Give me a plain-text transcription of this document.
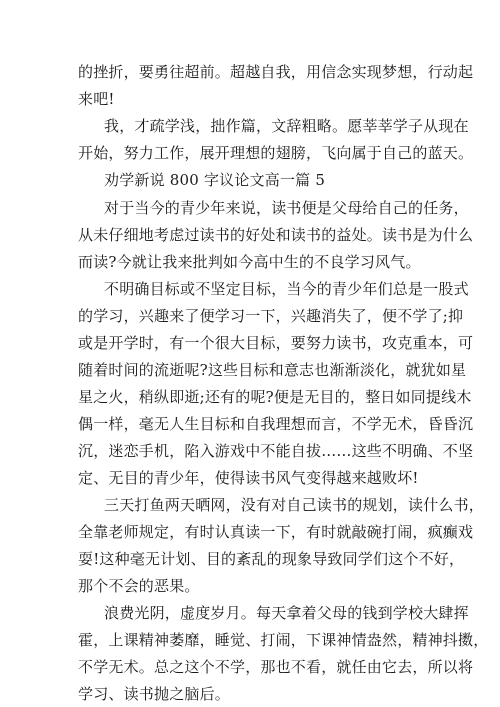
的挫折，要勇往超前。超越自我，用信念实现梦想，行动起
来吧!
我，才疏学浅，拙作篇，文辞粗略。愿莘莘学子从现在
开始，努力工作，展开理想的翅膀，飞向属于自己的蓝天。
劝学新说 800 字议论文高一篇 5
对于当今的青少年来说，读书便是父母给自己的任务，
从未仔细地考虑过读书的好处和读书的益处。读书是为什么
而读?今就让我来批判如今高中生的不良学习风气。
不明确目标或不坚定目标，当今的青少年们总是一股式
的学习，兴趣来了便学习一下，兴趣消失了，便不学了;抑
或是开学时，有一个很大目标，要努力读书，攻克重本，可
随着时间的流逝呢?这些目标和意志也渐渐淡化，就犹如星
星之火，稍纵即逝;还有的呢?便是无目的，整日如同提线木
偶一样，毫无人生目标和自我理想而言，不学无术，昏昏沉
沉，迷恋手机，陷入游戏中不能自拔……这些不明确、不坚
定、无目的青少年，使得读书风气变得越来越败坏!
三天打鱼两天晒网，没有对自己读书的规划，读什么书，
全靠老师规定，有时认真读一下，有时就敲碗打闹，疯癫戏
耍!这种毫无计划、目的紊乱的现象导致同学们这个不好，
那个不会的恶果。
浪费光阴，虚度岁月。每天拿着父母的钱到学校大肆挥
霍，上课精神萎靡，睡觉、打闹，下课神情盎然，精神抖擞，
不学无术。总之这个不学，那也不看，就任由它去，所以将
学习、读书抛之脑后。
